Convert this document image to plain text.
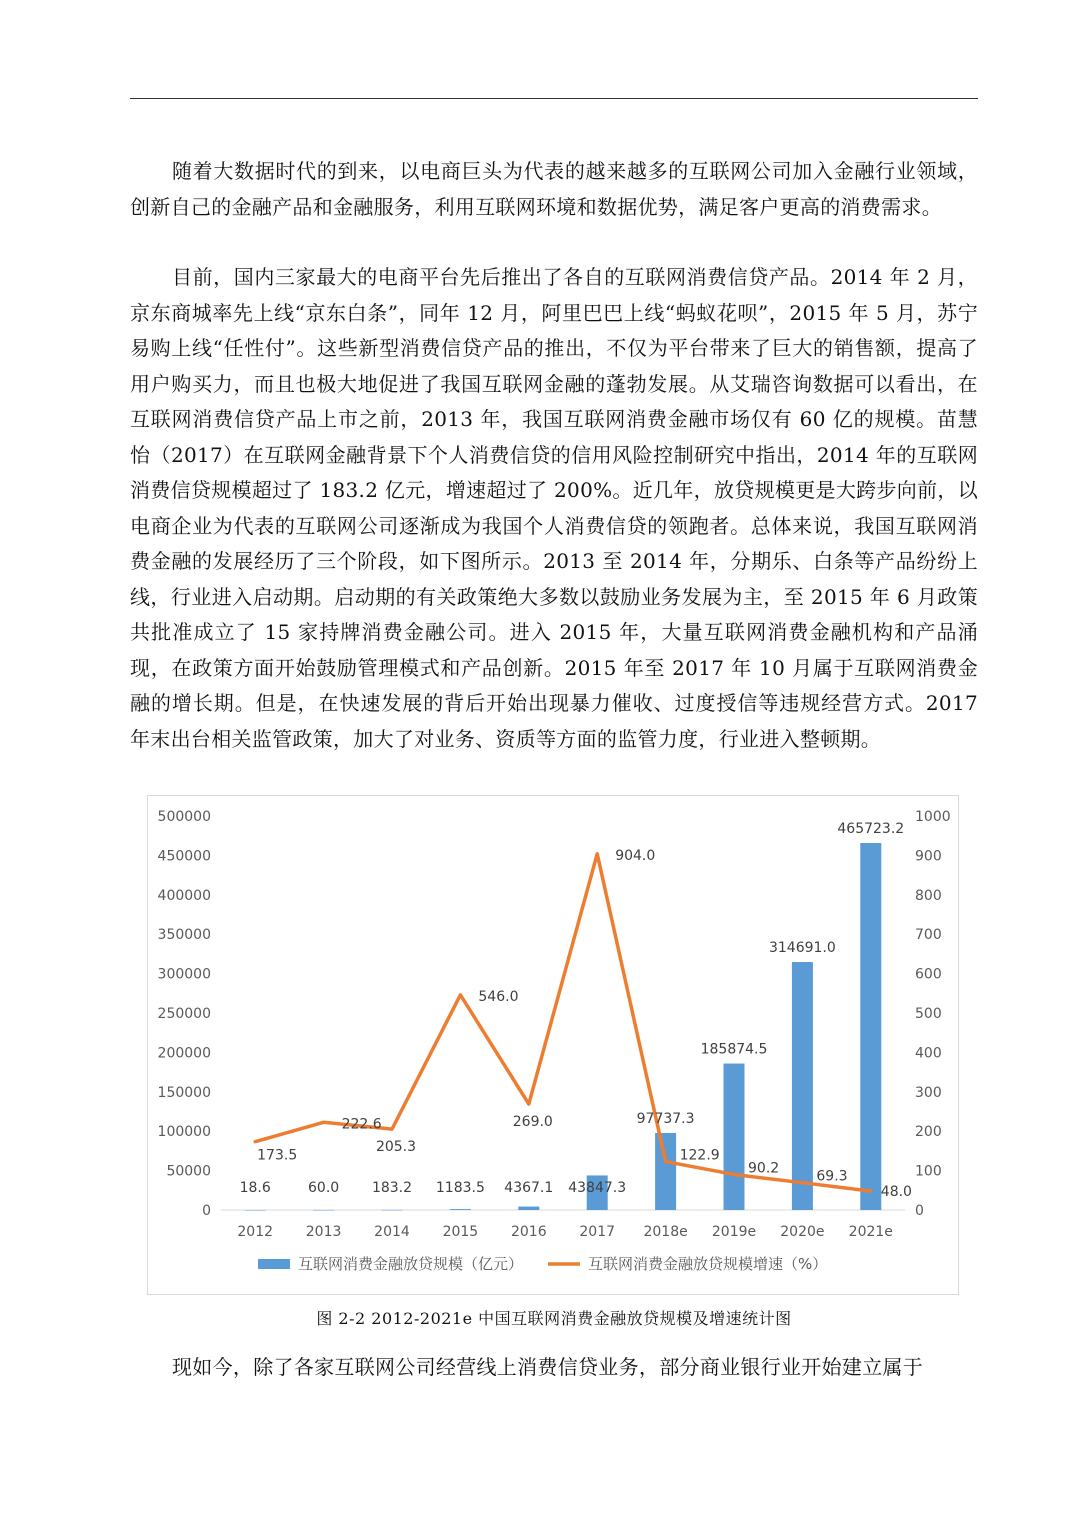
随着大数据时代的到来，以电商巨头为代表的越来越多的互联网公司加入金融行业领域，创新自己的金融产品和金融服务，利用互联网环境和数据优势，满足客户更高的消费需求。

目前，国内三家最大的电商平台先后推出了各自的互联网消费信贷产品。2014 年 2 月，京东商城率先上线“京东白条”，同年 12 月，阿里巴巴上线“蚂蚁花呗”，2015 年 5 月，苏宁易购上线“任性付”。这些新型消费信贷产品的推出，不仅为平台带来了巨大的销售额，提高了用户购买力，而且也极大地促进了我国互联网金融的蓬勃发展。从艾瑞咨询数据可以看出，在互联网消费信贷产品上市之前，2013 年，我国互联网消费金融市场仅有 60 亿的规模。苗慧怡（2017）在互联网金融背景下个人消费信贷的信用风险控制研究中指出，2014 年的互联网消费信贷规模超过了 183.2 亿元，增速超过了 200%。近几年，放贷规模更是大跨步向前，以电商企业为代表的互联网公司逐渐成为我国个人消费信贷的领跑者。总体来说，我国互联网消费金融的发展经历了三个阶段，如下图所示。2013 至 2014 年，分期乐、白条等产品纷纷上线，行业进入启动期。启动期的有关政策绝大多数以鼓励业务发展为主，至 2015 年 6 月政策共批准成立了 15 家持牌消费金融公司。进入 2015 年，大量互联网消费金融机构和产品涌现，在政策方面开始鼓励管理模式和产品创新。2015 年至 2017 年 10 月属于互联网消费金融的增长期。但是，在快速发展的背后开始出现暴力催收、过度授信等违规经营方式。2017 年末出台相关监管政策，加大了对业务、资质等方面的监管力度，行业进入整顿期。

0
50000
100000
150000
200000
250000
300000
350000
400000
450000
500000
0
100
200
300
400
500
600
700
800
900
1000
2012 2013 2014 2015 2016 2017 2018e 2019e 2020e 2021e
18.6	60.0 183.2 1183.5 4367.1 43847.3
97737.3
185874.5
314691.0
465723.2
173.5
222.6
205.3
546.0
269.0
904.0
122.9
90.2
69.3
48.0
互联网消费金融放贷规模（亿元）	互联网消费金融放贷规模增速（%）
图 2-2 2012-2021e 中国互联网消费金融放贷规模及增速统计图

现如今，除了各家互联网公司经营线上消费信贷业务，部分商业银行业开始建立属于
